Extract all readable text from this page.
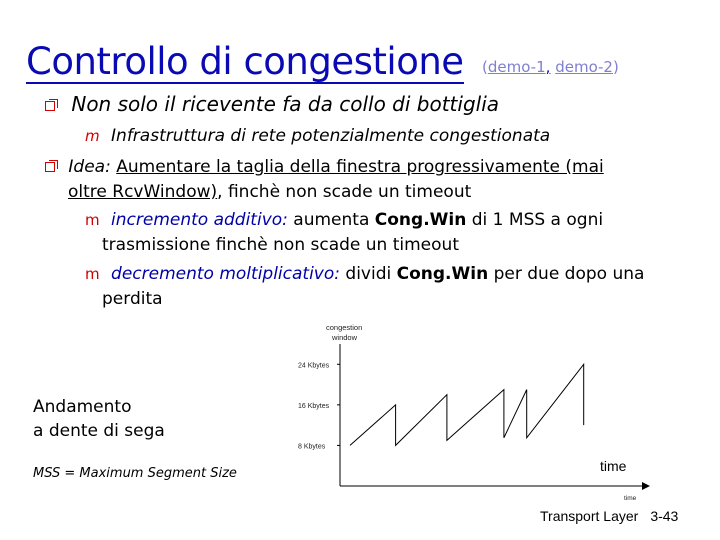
Controllo di congestione (demo-1, demo-2)
Non solo il ricevente fa da collo di bottiglia
m Infrastruttura di rete potenzialmente congestionata
Idea: Aumentare la taglia della finestra progressivamente (mai
oltre RcvWindow), finchè non scade un timeout
m incremento additivo: aumenta Cong.Win di 1 MSS a ogni
trasmissione finchè non scade un timeout
m decremento moltiplicativo: dividi Cong.Win per due dopo una
perdita
congestion
window
24 Kbytes
16 Kbytes
8 Kbytes
time
Andamento
a dente di sega
MSS = Maximum Segment Size	time
Transport Layer 3-43
